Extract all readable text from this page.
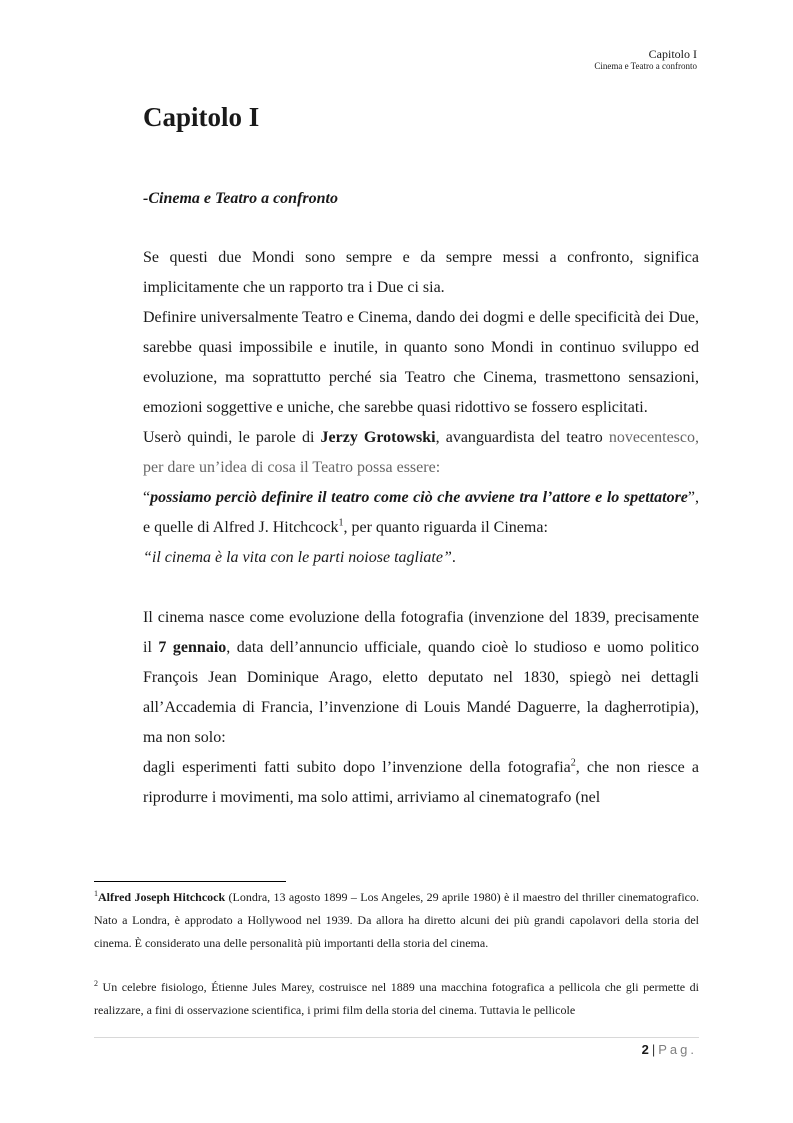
Capitolo I
Cinema e Teatro a confronto
Capitolo I
-Cinema e Teatro a confronto

Se questi due Mondi sono sempre e da sempre messi a confronto, significa implicitamente che un rapporto tra i Due ci sia.

Definire universalmente Teatro e Cinema, dando dei dogmi e delle specificità dei Due, sarebbe quasi impossibile e inutile, in quanto sono Mondi in continuo sviluppo ed evoluzione, ma soprattutto perché sia Teatro che Cinema, trasmettono sensazioni, emozioni soggettive e uniche, che sarebbe quasi ridottivo se fossero esplicitati.

Userò quindi, le parole di Jerzy Grotowski, avanguardista del teatro novecentesco, per dare un’idea di cosa il Teatro possa essere:

“possiamo perciò definire il teatro come ciò che avviene tra l’attore e lo spettatore”, e quelle di Alfred J. Hitchcock$^1$, per quanto riguarda il Cinema:

“il cinema è la vita con le parti noiose tagliate”.

Il cinema nasce come evoluzione della fotografia (invenzione del 1839, precisamente il 7 gennaio, data dell’annuncio ufficiale, quando cioè lo studioso e uomo politico François Jean Dominique Arago, eletto deputato nel 1830, spiegò nei dettagli all’Accademia di Francia, l’invenzione di Louis Mandé Daguerre, la dagherrotipia), ma non solo:

dagli esperimenti fatti subito dopo l’invenzione della fotografia$^2$, che non riesce a riprodurre i movimenti, ma solo attimi, arriviamo al cinematografo (nel

$^1$Alfred Joseph Hitchcock (Londra, 13 agosto 1899 – Los Angeles, 29 aprile 1980) è il maestro del thriller cinematografico. Nato a Londra, è approdato a Hollywood nel 1939. Da allora ha diretto alcuni dei più grandi capolavori della storia del cinema. È considerato una delle personalità più importanti della storia del cinema.

$^2$ Un celebre fisiologo, Étienne Jules Marey, costruisce nel 1889 una macchina fotografica a pellicola che gli permette di realizzare, a fini di osservazione scientifica, i primi film della storia del cinema. Tuttavia le pellicole

2 | Pag.
